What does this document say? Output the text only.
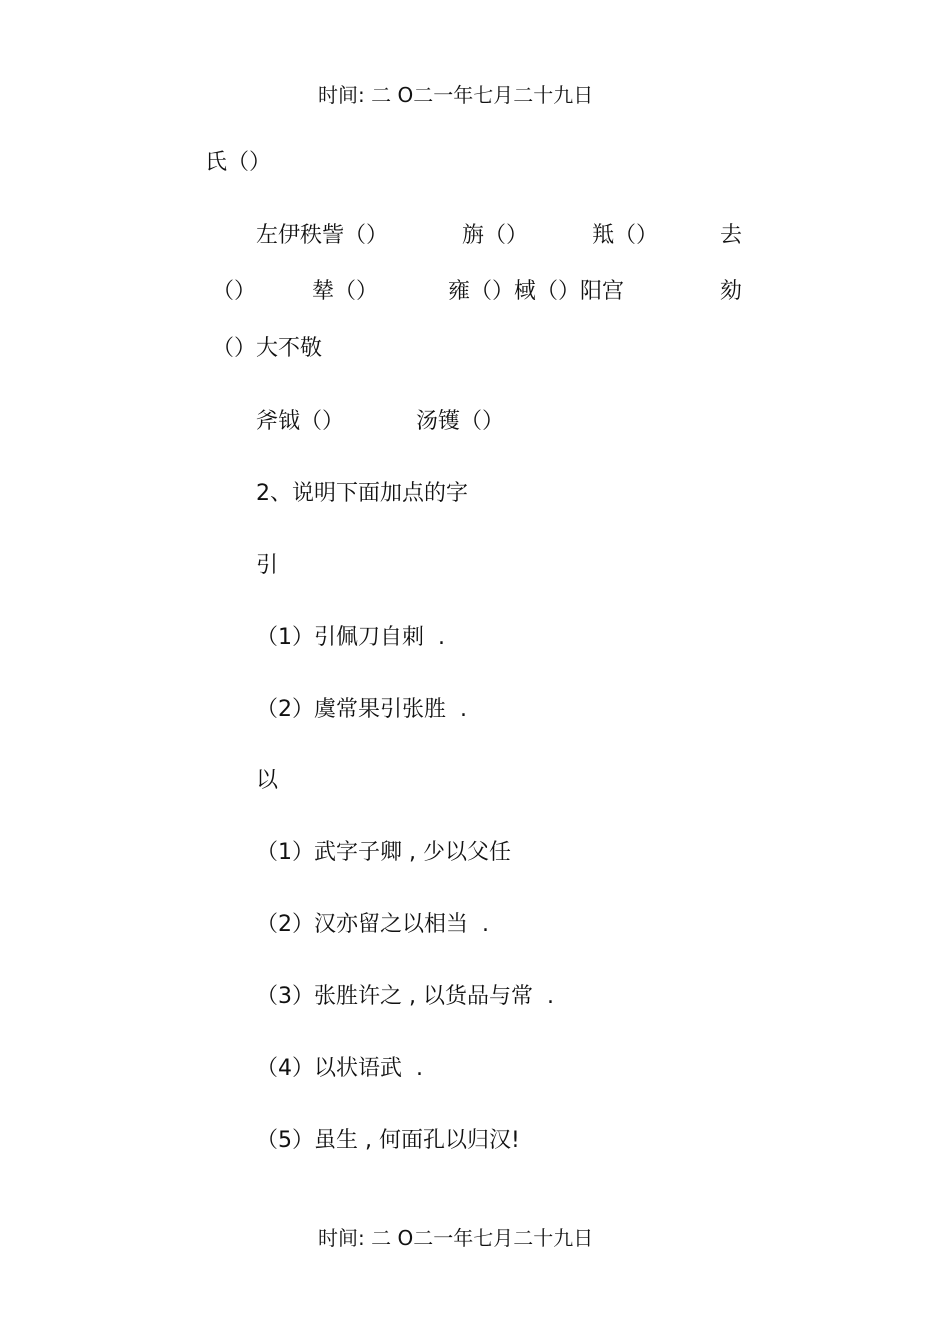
时间: 二 O二一年七月二十九日

氏（）

左伊秩訾（）	旃（）	羝（）	去

（）	辇（）	雍（）棫（）阳宫	劾

（）大不敬

斧钺（）	汤镬（）

2、说明下面加点的字

引

（1）引佩刀自刺  .

（2）虞常果引张胜  .

以

（1）武字子卿 , 少以父任

（2）汉亦留之以相当  .

（3）张胜许之 , 以货品与常  .

（4）以状语武  .

（5）虽生 , 何面孔以归汉!

时间: 二 O二一年七月二十九日
